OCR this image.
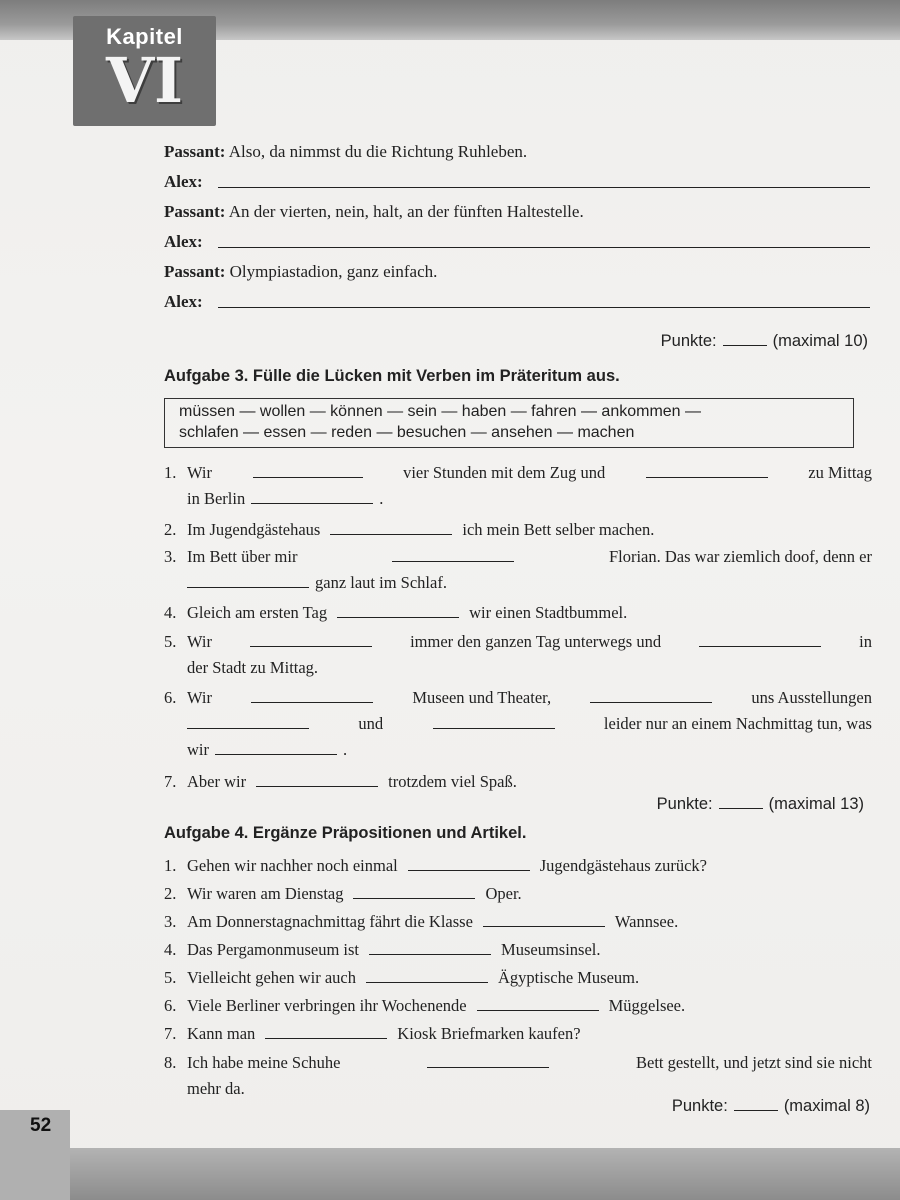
Kapitel
VI
52
Passant: Also, da nimmst du die Richtung Ruhleben.
Alex:
Passant: An der vierten, nein, halt, an der fünften Haltestelle.
Alex:
Passant: Olympiastadion, ganz einfach.
Alex:
Punkte:	(maximal 10)
Aufgabe 3. Fülle die Lücken mit Verben im Präteritum aus.
müssen — wollen — können — sein — haben — fahren — ankommen —
schlafen — essen — reden — besuchen — ansehen — machen
1. Wir	vier Stunden mit dem Zug und	zu Mittag
in Berlin	.
2. Im Jugendgästehaus	ich mein Bett selber machen.
3. Im Bett über mir	Florian. Das war ziemlich doof, denn er
ganz laut im Schlaf.
4. Gleich am ersten Tag	wir einen Stadtbummel.
5. Wir	immer den ganzen Tag unterwegs und	in
der Stadt zu Mittag.
6. Wir	Museen und Theater,	uns Ausstellungen
und	leider nur an einem Nachmittag tun, was
wir	.
7. Aber wir	trotzdem viel Spaß.
Punkte:	(maximal 13)
Aufgabe 4. Ergänze Präpositionen und Artikel.
1. Gehen wir nachher noch einmal	Jugendgästehaus zurück?
2. Wir waren am Dienstag	Oper.
3. Am Donnerstagnachmittag fährt die Klasse	Wannsee.
4. Das Pergamonmuseum ist	Museumsinsel.
5. Vielleicht gehen wir auch	Ägyptische Museum.
6. Viele Berliner verbringen ihr Wochenende	Müggelsee.
7. Kann man	Kiosk Briefmarken kaufen?
8. Ich habe meine Schuhe	Bett gestellt, und jetzt sind sie nicht
mehr da.
Punkte:	(maximal 8)
